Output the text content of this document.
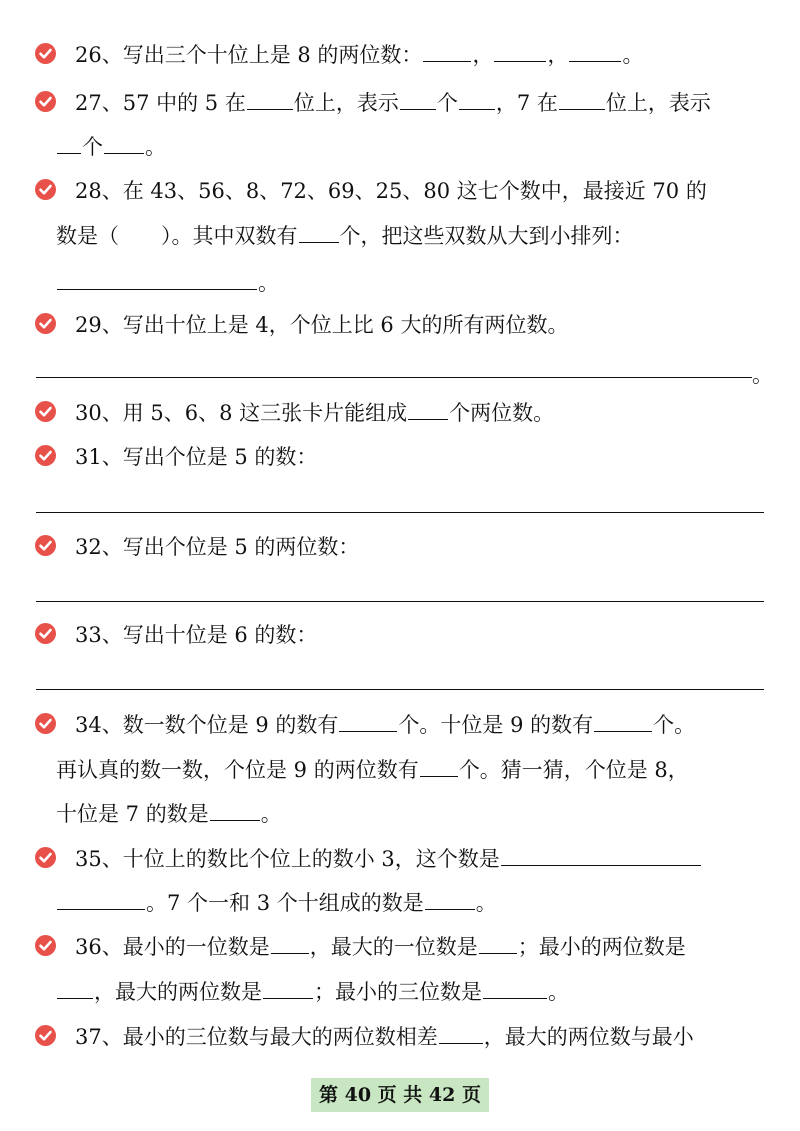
26、写出三个十位上是 8 的两位数： ，	，	。
27、57 中的 5 在 位上，表示 个 ，7 在 位上，表示
个 。
28、在 43、56、8、72、69、25、80 这七个数中，最接近 70 的
数是（　　）。其中双数有 个，把这些双数从大到小排列：
。
29、写出十位上是 4，个位上比 6 大的所有两位数。
。
30、用 5、6、8 这三张卡片能组成 个两位数。
31、写出个位是 5 的数：
32、写出个位是 5 的两位数：
33、写出十位是 6 的数：
34、数一数个位是 9 的数有	个。十位是 9 的数有	个。
再认真的数一数，个位是 9 的两位数有 个。猜一猜，个位是 8，
十位是 7 的数是 。
35、十位上的数比个位上的数小 3，这个数是
。7 个一和 3 个十组成的数是 。
36、最小的一位数是 ，最大的一位数是 ；最小的两位数是
，最大的两位数是 ；最小的三位数是	。
37、最小的三位数与最大的两位数相差 ，最大的两位数与最小
第 40 页 共 42 页
